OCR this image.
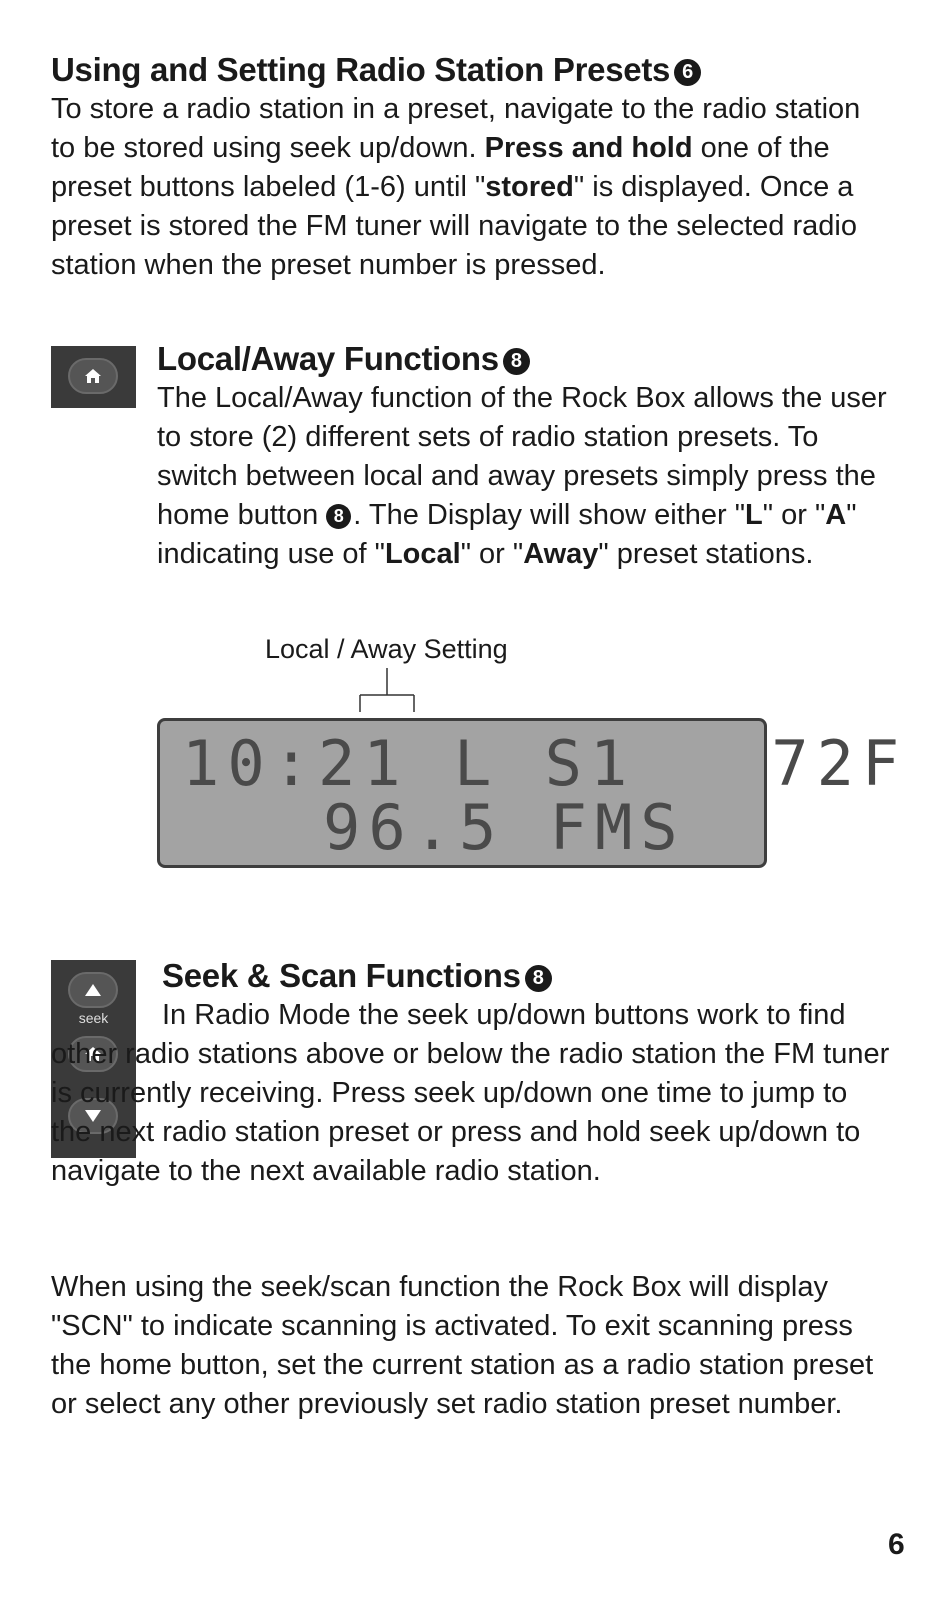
Using and Setting Radio Station Presets 6
To store a radio station in a preset, navigate to the radio station to be stored using seek up/down. Press and hold one of the preset buttons labeled (1-6) until "stored" is displayed. Once a preset is stored the FM tuner will navigate to the selected radio station when the preset number is pressed.
Local/Away Functions 8
The Local/Away function of the Rock Box allows the user to store (2) different sets of radio station presets. To switch between local and away presets simply press the home button 8 . The Display will show either "L" or "A" indicating use of "Local" or "Away" preset stations.
Local / Away Setting
10:21 L S1   72F
96.5 FMS
seek
Seek & Scan Functions 8
In Radio Mode the seek up/down buttons work to find other radio stations above or below the radio station the FM tuner is currently receiving. Press seek up/down one time to jump to the next radio station preset or press and hold seek up/down to navigate to the next available radio station.
When using the seek/scan function the Rock Box will display "SCN" to indicate scanning is activated. To exit scanning press the home button, set the current station as a radio station preset or select any other previously set radio station preset number.
6
